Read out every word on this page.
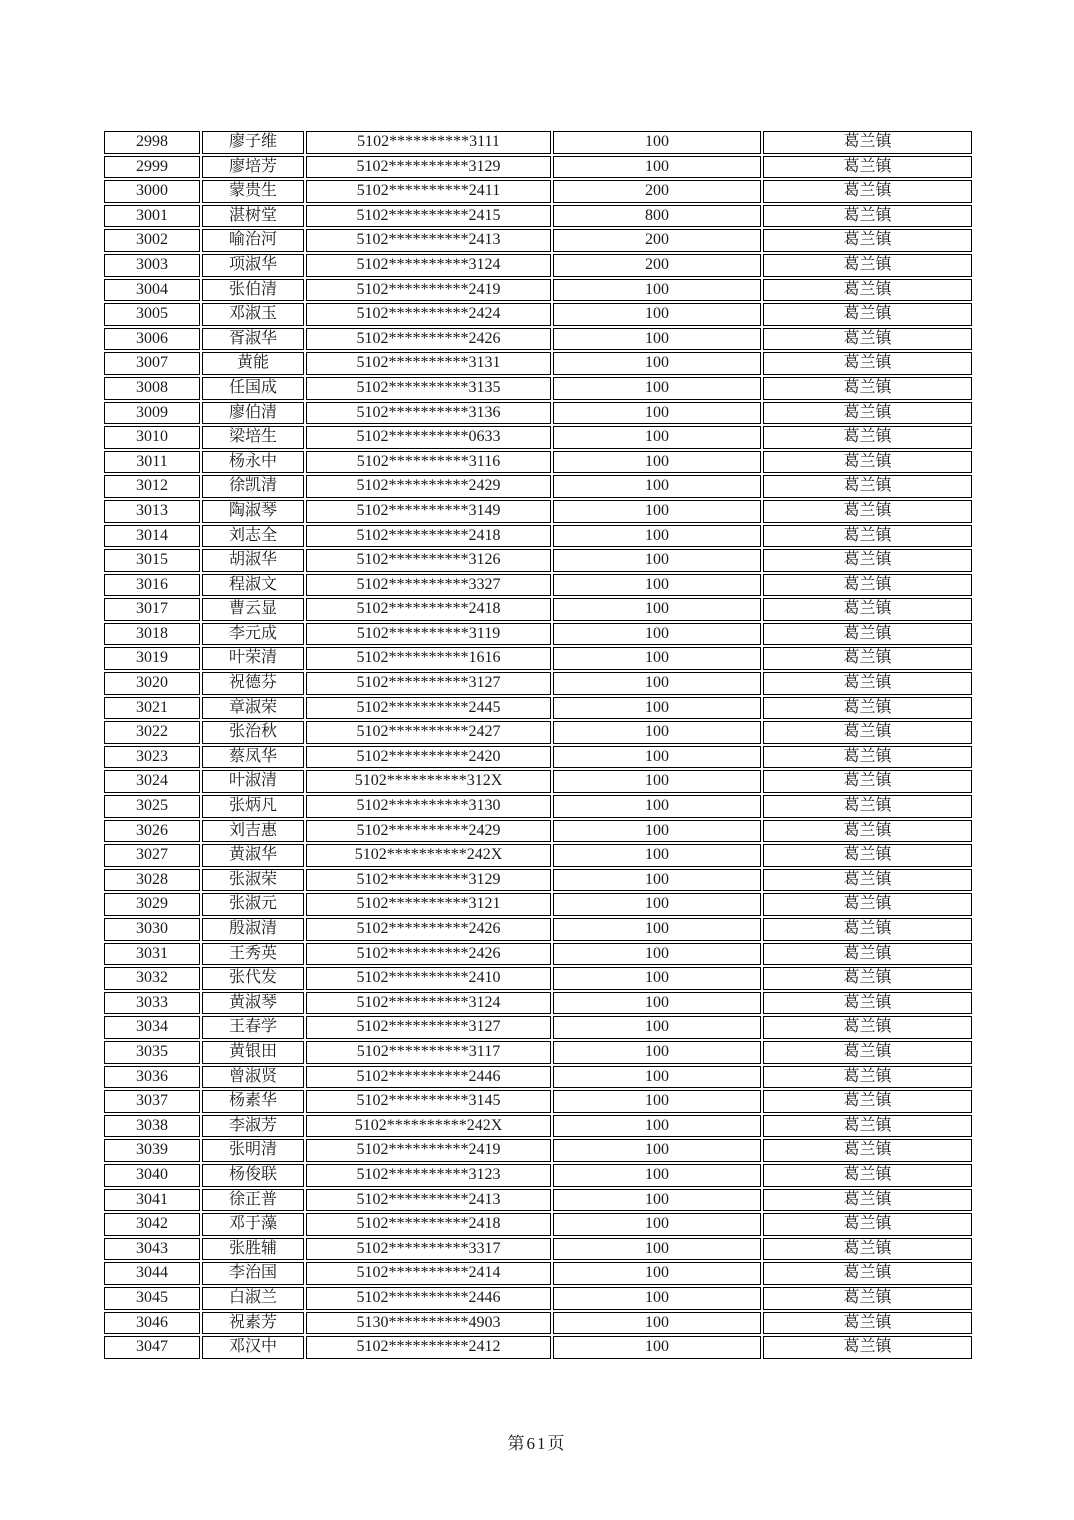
2998	廖子维	5102**********3111	100	葛兰镇
2999	廖培芳	5102**********3129	100	葛兰镇
3000	蒙贵生	5102**********2411	200	葛兰镇
3001	湛树堂	5102**********2415	800	葛兰镇
3002	喻治河	5102**********2413	200	葛兰镇
3003	项淑华	5102**********3124	200	葛兰镇
3004	张伯清	5102**********2419	100	葛兰镇
3005	邓淑玉	5102**********2424	100	葛兰镇
3006	胥淑华	5102**********2426	100	葛兰镇
3007	黄能	5102**********3131	100	葛兰镇
3008	任国成	5102**********3135	100	葛兰镇
3009	廖伯清	5102**********3136	100	葛兰镇
3010	梁培生	5102**********0633	100	葛兰镇
3011	杨永中	5102**********3116	100	葛兰镇
3012	徐凯清	5102**********2429	100	葛兰镇
3013	陶淑琴	5102**********3149	100	葛兰镇
3014	刘志全	5102**********2418	100	葛兰镇
3015	胡淑华	5102**********3126	100	葛兰镇
3016	程淑文	5102**********3327	100	葛兰镇
3017	曹云显	5102**********2418	100	葛兰镇
3018	李元成	5102**********3119	100	葛兰镇
3019	叶荣清	5102**********1616	100	葛兰镇
3020	祝德芬	5102**********3127	100	葛兰镇
3021	章淑荣	5102**********2445	100	葛兰镇
3022	张治秋	5102**********2427	100	葛兰镇
3023	蔡凤华	5102**********2420	100	葛兰镇
3024	叶淑清	5102**********312X	100	葛兰镇
3025	张炳凡	5102**********3130	100	葛兰镇
3026	刘吉惠	5102**********2429	100	葛兰镇
3027	黄淑华	5102**********242X	100	葛兰镇
3028	张淑荣	5102**********3129	100	葛兰镇
3029	张淑元	5102**********3121	100	葛兰镇
3030	殷淑清	5102**********2426	100	葛兰镇
3031	王秀英	5102**********2426	100	葛兰镇
3032	张代发	5102**********2410	100	葛兰镇
3033	黄淑琴	5102**********3124	100	葛兰镇
3034	王春学	5102**********3127	100	葛兰镇
3035	黄银田	5102**********3117	100	葛兰镇
3036	曾淑贤	5102**********2446	100	葛兰镇
3037	杨素华	5102**********3145	100	葛兰镇
3038	李淑芳	5102**********242X	100	葛兰镇
3039	张明清	5102**********2419	100	葛兰镇
3040	杨俊联	5102**********3123	100	葛兰镇
3041	徐正普	5102**********2413	100	葛兰镇
3042	邓于藻	5102**********2418	100	葛兰镇
3043	张胜辅	5102**********3317	100	葛兰镇
3044	李治国	5102**********2414	100	葛兰镇
3045	白淑兰	5102**********2446	100	葛兰镇
3046	祝素芳	5130**********4903	100	葛兰镇
3047	邓汉中	5102**********2412	100	葛兰镇
第61页
